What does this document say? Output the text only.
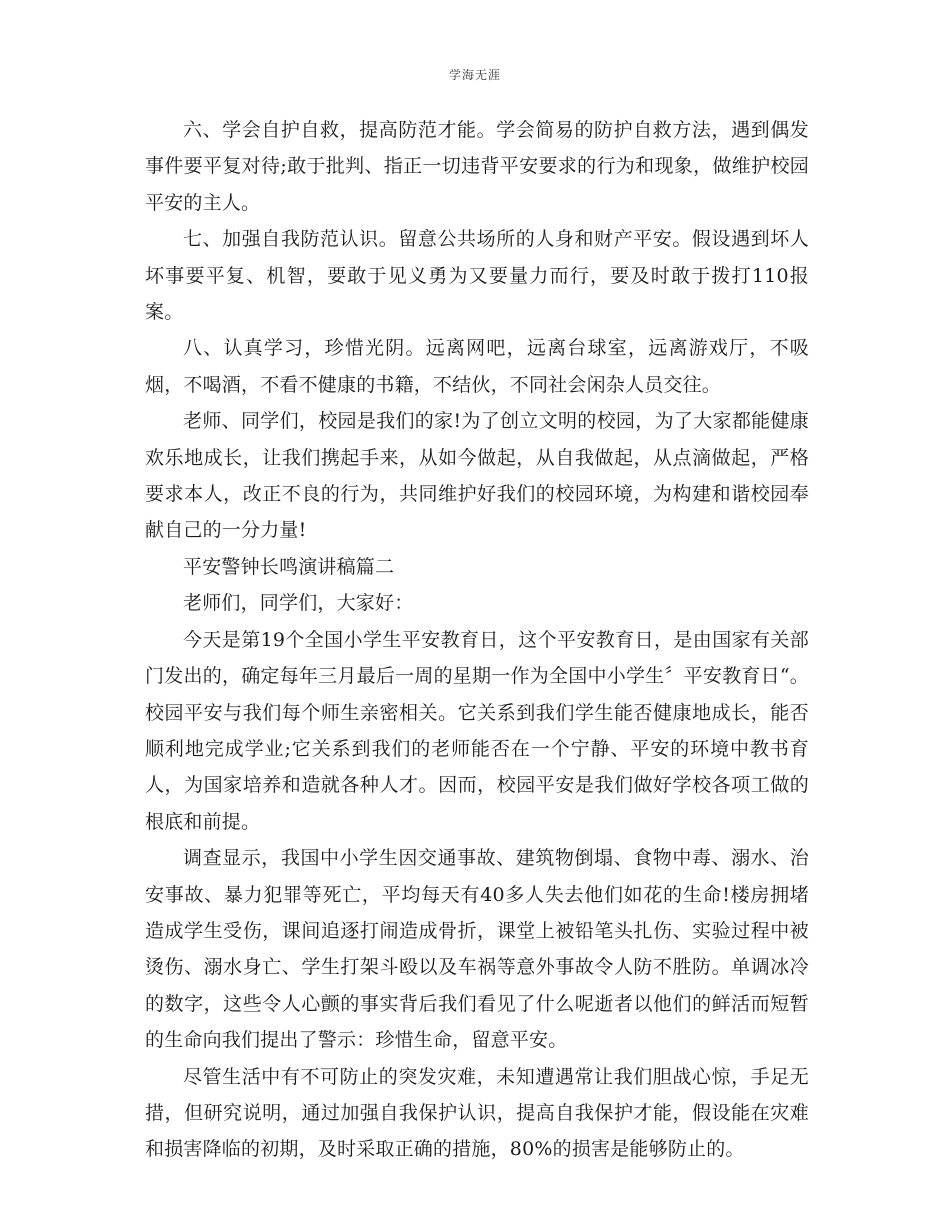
学海无涯

六、学会自护自救，提高防范才能。学会简易的防护自救方法，遇到偶发事件要平复对待;敢于批判、指正一切违背平安要求的行为和现象，做维护校园平安的主人。

七、加强自我防范认识。留意公共场所的人身和财产平安。假设遇到坏人坏事要平复、机智，要敢于见义勇为又要量力而行，要及时敢于拨打110报案。

八、认真学习，珍惜光阴。远离网吧，远离台球室，远离游戏厅，不吸烟，不喝酒，不看不健康的书籍，不结伙，不同社会闲杂人员交往。

老师、同学们，校园是我们的家!为了创立文明的校园，为了大家都能健康欢乐地成长，让我们携起手来，从如今做起，从自我做起，从点滴做起，严格要求本人，改正不良的行为，共同维护好我们的校园环境，为构建和谐校园奉献自己的一分力量!

平安警钟长鸣演讲稿篇二

老师们，同学们，大家好：

今天是第19个全国小学生平安教育日，这个平安教育日，是由国家有关部门发出的，确定每年三月最后一周的星期一作为全国中小学生〞平安教育日“。校园平安与我们每个师生亲密相关。它关系到我们学生能否健康地成长，能否顺利地完成学业;它关系到我们的老师能否在一个宁静、平安的环境中教书育人，为国家培养和造就各种人才。因而，校园平安是我们做好学校各项工做的根底和前提。

调查显示，我国中小学生因交通事故、建筑物倒塌、食物中毒、溺水、治安事故、暴力犯罪等死亡，平均每天有40多人失去他们如花的生命!楼房拥堵造成学生受伤，课间追逐打闹造成骨折，课堂上被铅笔头扎伤、实验过程中被烫伤、溺水身亡、学生打架斗殴以及车祸等意外事故令人防不胜防。单调冰冷的数字，这些令人心颤的事实背后我们看见了什么呢逝者以他们的鲜活而短暂的生命向我们提出了警示：珍惜生命，留意平安。

尽管生活中有不可防止的突发灾难，未知遭遇常让我们胆战心惊，手足无措，但研究说明，通过加强自我保护认识，提高自我保护才能，假设能在灾难和损害降临的初期，及时采取正确的措施，80%的损害是能够防止的。
